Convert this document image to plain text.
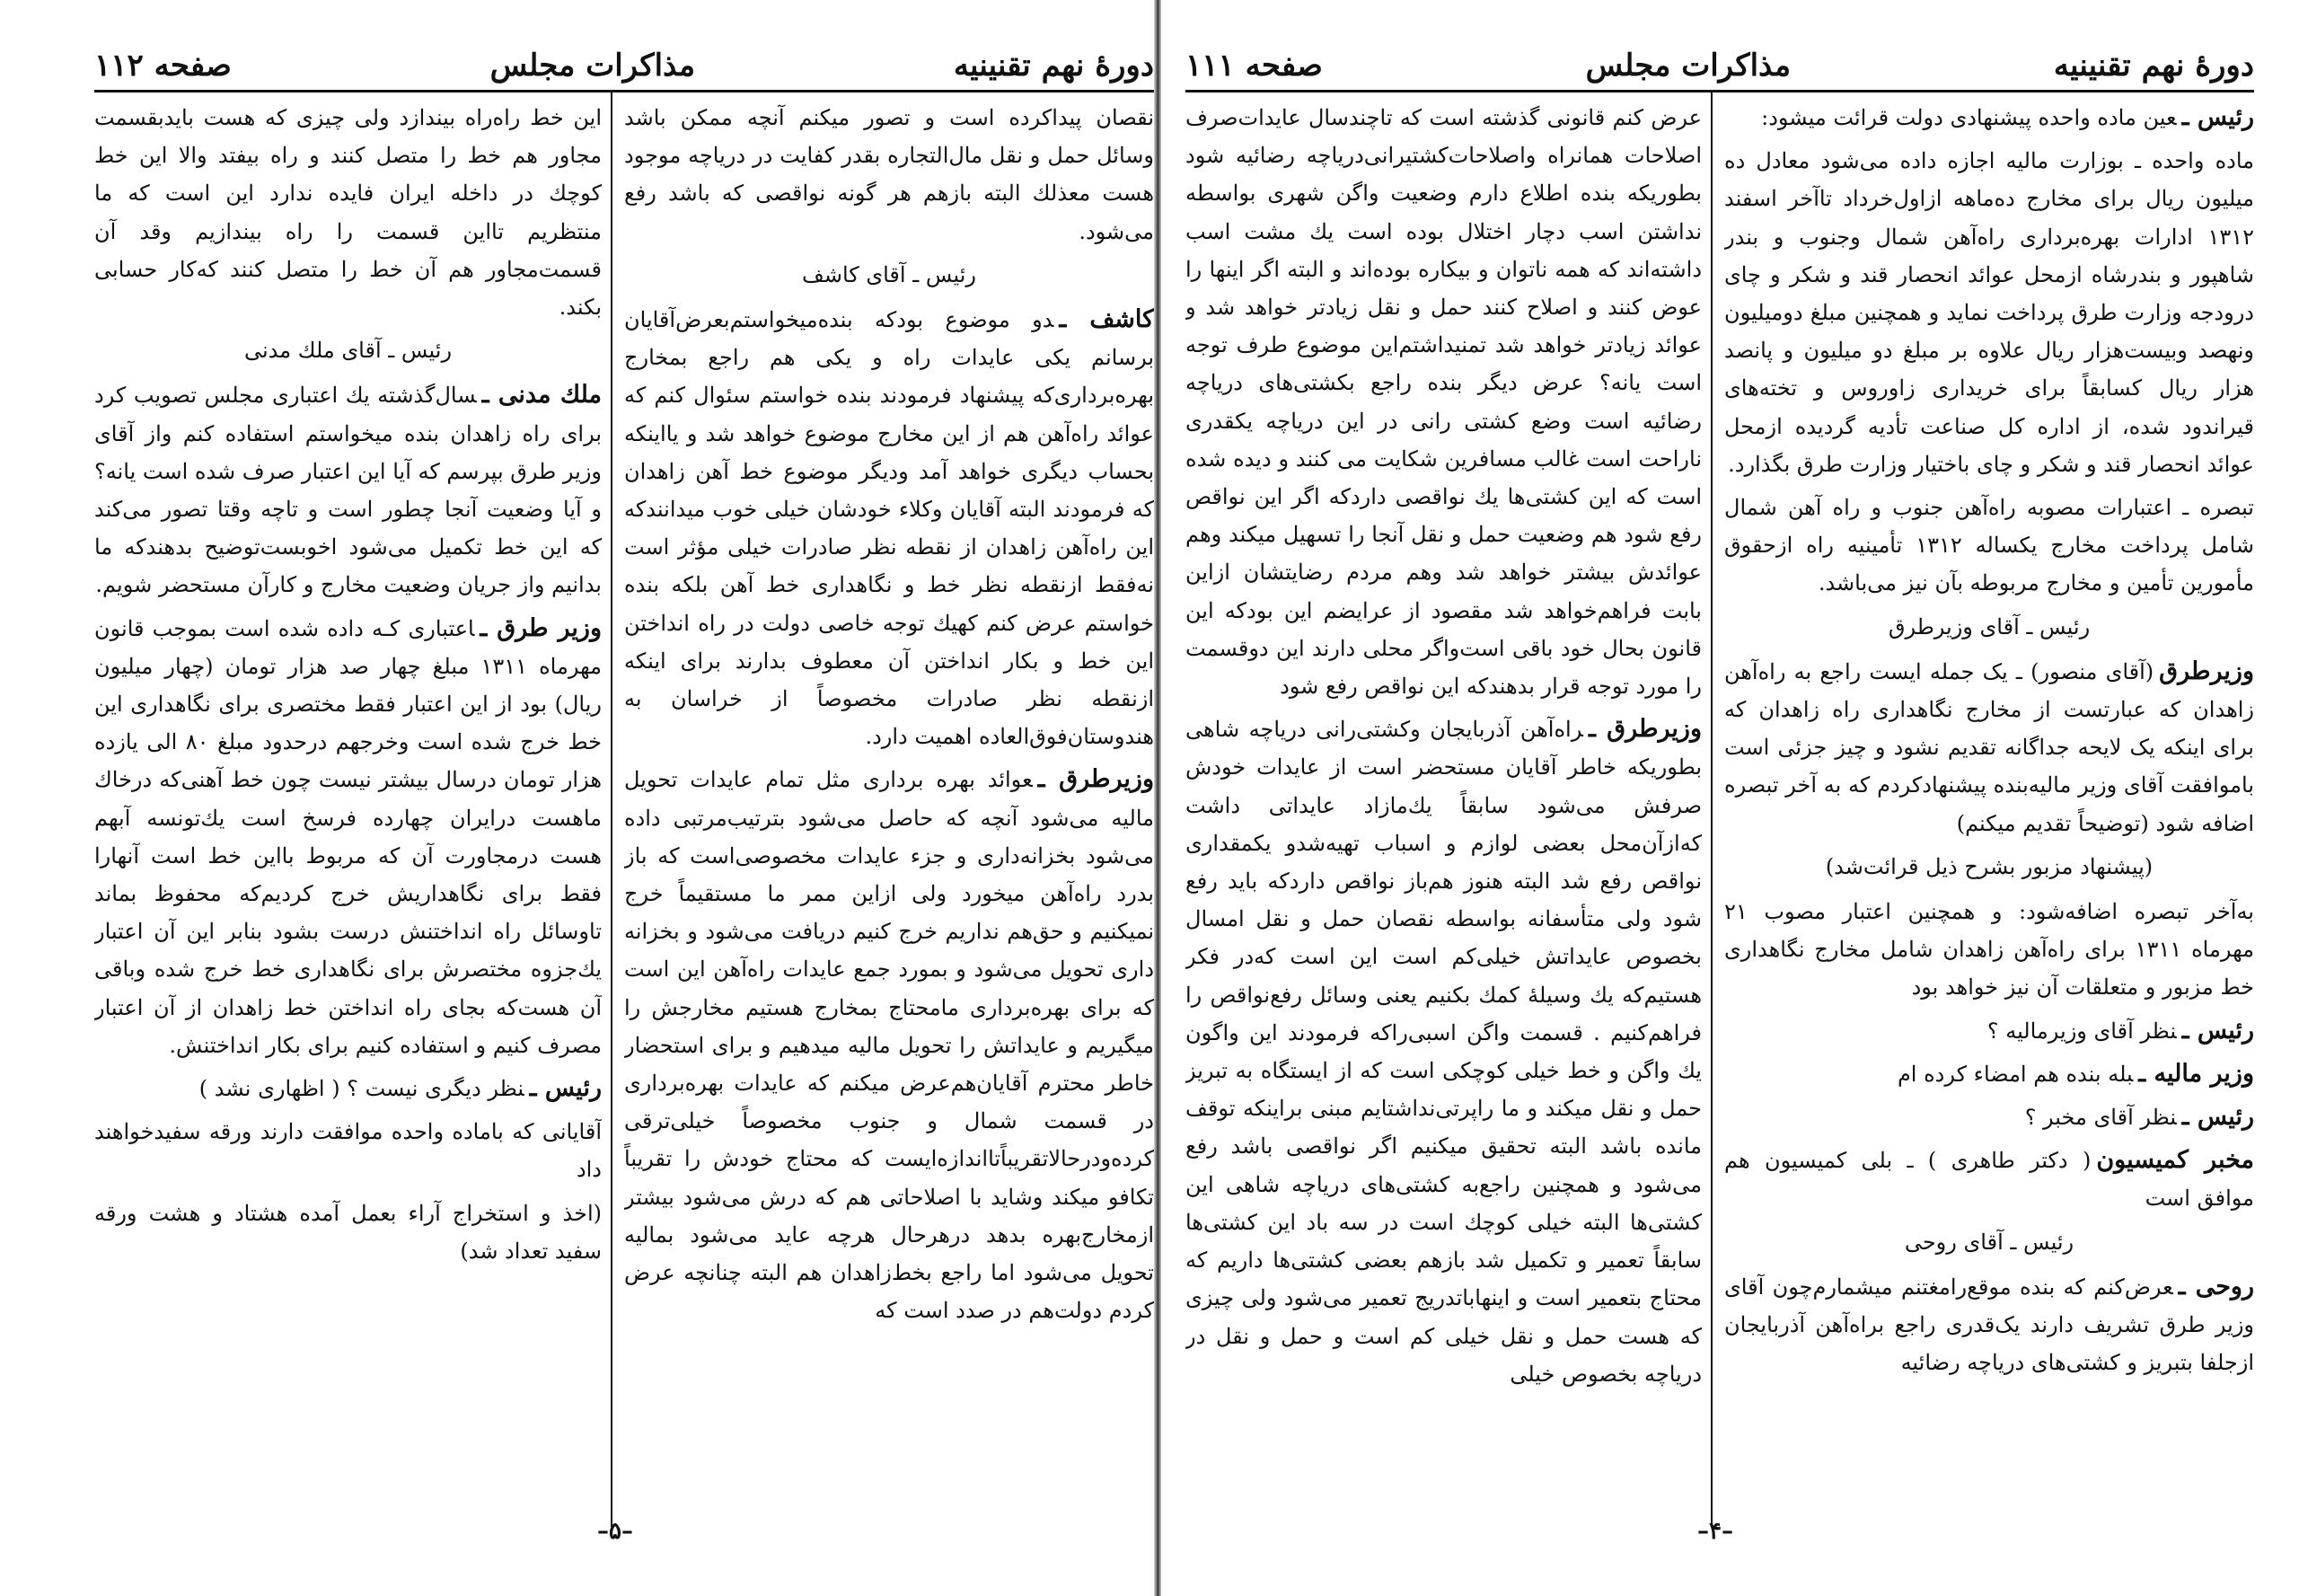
دورهٔ نهم تقنینیه
مذاکرات مجلس
صفحه ۱۱۲

نقصان پیداکرده است و تصور میکنم آنچه ممکن باشد وسائل حمل و نقل مال‌التجاره بقدر کفایت در دریاچه موجود هست معذلك البته بازهم هر گونه نواقصی که باشد رفع می‌شود.

رئیس ـ آقای کاشف

کاشف ـدو موضوع بودکه بنده‌میخواستم‌بعرض‌آقایان برسانم یکی عایدات راه و یکی هم راجع بمخارج بهره‌برداری‌که پیشنهاد فرمودند بنده خواستم سئوال کنم که عوائد راه‌آهن هم از این مخارج موضوع خواهد شد و یااینکه بحساب دیگری خواهد آمد ودیگر موضوع خط آهن زاهدان که فرمودند البته آقایان وکلاء خودشان خیلی خوب میدانندکه این راه‌آهن زاهدان از نقطه نظر صادرات خیلی مؤثر است نه‌فقط ازنقطه نظر خط و نگاهداری خط آهن بلکه بنده خواستم عرض کنم کهیك توجه خاصی دولت در راه انداختن این خط و بکار انداختن آن معطوف بدارند برای اینکه ازنقطه نظر صادرات مخصوصاً از خراسان به هندوستان‌فوق‌العاده اهمیت دارد.

وزیرطرق ـعوائد بهره برداری مثل تمام عایدات تحویل مالیه می‌شود آنچه که حاصل می‌شود بترتیب‌مرتبی داده می‌شود بخزانه‌داری و جزء عایدات مخصوصی‌است که باز بدرد راه‌آهن میخورد ولی ازاین ممر ما مستقیماً خرج نمیکنیم و حق‌هم نداریم خرج کنیم دریافت می‌شود و بخزانه داری تحویل می‌شود و بمورد جمع عایدات راه‌آهن این است که برای بهره‌برداری ما‌محتاج بمخارج هستیم مخارجش را میگیریم و عایداتش را تحویل مالیه میدهیم و برای استحضار خاطر محترم آقایان‌هم‌عرض میکنم که عایدات بهره‌برداری در قسمت شمال و جنوب مخصوصاً خیلی‌ترقی کرده‌ودر‌حالا‌تقریباً‌تا‌اندازه‌ایست که محتاج خودش را تقریباً تکافو میکند وشاید با اصلاحاتی هم که درش می‌شود بیشتر ازمخارج‌بهره بدهد درهرحال هرچه عاید می‌شود بمالیه تحویل می‌شود اما راجع بخط‌زاهدان هم البته چنانچه عرض کردم دولت‌هم در صدد است که

این خط راه‌راه بیندازد ولی چیزی که هست بایدبقسمت مجاور هم خط را متصل کنند و راه بیفتد والا این خط کوچك در داخله ایران فایده ندارد این است که ما منتظریم تااین قسمت را راه بیندازیم وقد آن قسمت‌مجاور هم آن خط را متصل کنند که‌کار حسابی بکند.

رئیس ـ آقای ملك مدنی

ملك مدنی ـسال‌گذشته یك اعتباری مجلس تصویب کرد برای راه زاهدان بنده میخواستم استفاده کنم واز آقای وزیر طرق بپرسم که آیا این اعتبار صرف شده است یانه؟ و آیا وضعیت آنجا چطور است و تاچه وقتا تصور می‌کند که این خط تکمیل می‌شود اخوبست‌توضیح بدهندکه ما بدانیم واز جریان وضعیت مخارج و کارآن مستحضر شویم.

وزیر طرق ـاعتباری کـه داده شده است بموجب قانون مهرماه ۱۳۱۱ مبلغ چهار صد هزار تومان (چهار میلیون ریال) بود از این اعتبار فقط مختصری برای نگاهداری این خط خرج شده است وخرجهم درحدود مبلغ ۸۰ الی یازده هزار تومان درسال بیشتر نیست چون خط آهنی‌که درخاك ماهست درایران چهارده فرسخ است یك‌تونسه آبهم هست درمجاورت آن که مربوط بااین خط است آنهارا فقط برای نگاهداریش خرج کردیم‌که محفوظ بماند تاوسائل راه انداختنش درست بشود بنابر این آن اعتبار یك‌جزوه مختصرش برای نگاهداری خط خرج شده وباقی آن هست‌که بجای راه انداختن خط زاهدان از آن اعتبار مصرف کنیم و استفاده کنیم برای بکار انداختنش.

رئیس ـنظر دیگری نیست ؟ ( اظهاری نشد )

آقایانی که باماده واحده موافقت دارند ورقه سفیدخواهند داد

(اخذ و استخراج آراء بعمل آمده هشتاد و هشت ورقه سفید تعداد شد)

–۵–
دورهٔ نهم تقنینیه
مذاکرات مجلس
صفحه ۱۱۱

رئیس ـعین ماده واحده پیشنهادی دولت قرائت میشود:

ماده واحده ـ بوزارت مالیه اجازه داده می‌شود معادل ده میلیون ریال برای مخارج ده‌ماهه ازاول‌خرداد تاآخر اسفند ۱۳۱۲ ادارات بهره‌برداری راه‌آهن شمال وجنوب و بندر شاهپور و بندرشاه ازمحل عوائد انحصار قند و شکر و چای درودجه وزارت طرق پرداخت نماید و همچنین مبلغ دومیلیون ونهصد وبیست‌هزار ریال علاوه بر مبلغ دو میلیون و پانصد هزار ریال کسابقاً برای خریداری زاوروس و تخته‌های قیراندود شده، از اداره کل صناعت تأدیه گردیده ازمحل عوائد انحصار قند و شکر و چای باختیار وزارت طرق بگذارد.

تبصره ـ اعتبارات مصوبه راه‌آهن جنوب و راه آهن شمال شامل پرداخت مخارج یکساله ۱۳۱۲ تأمینیه راه ازحقوق مأمورین تأمین و مخارج مربوطه بآن نیز می‌باشد.

رئیس ـ آقای وزیرطرق

وزیرطرق(آقای منصور) ـ یک جمله ایست راجع به راه‌آهن زاهدان که عبارتست از مخارج نگاهداری راه زاهدان که برای اینکه یک لایحه جداگانه تقدیم نشود و چیز جزئی است باموافقت آقای وزیر مالیه‌بنده پیشنهادکردم که به آخر تبصره اضافه شود (توضیحاً تقدیم میکنم)

(پیشنهاد مزبور بشرح ذیل قرائت‌شد)

به‌آخر تبصره اضافه‌شود: و همچنین اعتبار مصوب ۲۱ مهرماه ۱۳۱۱ برای راه‌آهن زاهدان شامل مخارج نگاهداری خط مزبور و متعلقات آن نیز خواهد بود

رئیس ـنظر آقای وزیرمالیه ؟

وزیر مالیه ـبله بنده هم امضاء کرده ام

رئیس ـنظر آقای مخبر ؟

مخبر کمیسیون( دکتر طاهری ) ـ بلی کمیسیون هم موافق است

رئیس ـ آقای روحی

روحی ـعرض‌کنم که بنده موقع‌رامغتنم میشمارم‌چون آقای وزیر طرق تشریف دارند یک‌قدری راجع براه‌آهن آذربایجان ازجلفا بتبریز و کشتی‌های دریاچه رضائیه

عرض کنم قانونی گذشته است که تاچندسال عایدات‌صرف اصلاحات همانراه واصلاحات‌کشتیرانی‌دریاچه رضائیه شود بطوریکه بنده اطلاع دارم وضعیت واگن شهری بواسطه نداشتن اسب دچار اختلال بوده است یك مشت اسب داشته‌اند که همه ناتوان و بیکاره بوده‌اند و البته اگر اینها را عوض کنند و اصلاح کنند حمل و نقل زیادتر خواهد شد و عوائد زیادتر خواهد شد تمنیداشتم‌این موضوع طرف توجه است یانه؟ عرض دیگر بنده راجع بکشتی‌های دریاچه رضائیه است وضع کشتی رانی در این دریاچه یکقدری ناراحت است غالب مسافرین شکایت می کنند و دیده شده است که این کشتی‌ها یك نواقصی داردکه اگر این نواقص رفع شود هم وضعیت حمل و نقل آنجا را تسهیل میکند وهم عوائدش بیشتر خواهد شد وهم مردم رضایتشان ازاین بابت فراهم‌خواهد شد مقصود از عرایضم این بودکه این قانون بحال خود باقی است‌واگر محلی دارند این دوقسمت را مورد توجه قرار بدهندکه این نواقص رفع شود

وزیرطرق ـراه‌آهن آذربایجان وکشتی‌رانی دریاچه شاهی بطوریکه خاطر آقایان مستحضر است از عایدات خودش صرفش می‌شود سابقاً یك‌مازاد عایداتی داشت که‌ازآن‌محل بعضی لوازم و اسباب تهیه‌شدو یکمقداری نواقص رفع شد البته هنوز هم‌باز نواقص داردکه باید رفع شود ولی متأسفانه بواسطه نقصان حمل و نقل امسال بخصوص عایداتش خیلی‌کم است این است کەدر فکر هستیم‌که یك وسیلهٔ کمك بکنیم یعنی وسائل رفع‌نواقص را فراهم‌کنیم . قسمت واگن اسبی‌راکه فرمودند این واگون یك واگن و خط خیلی کوچکی است که از ایستگاه به تبریز حمل و نقل میکند و ما راپرتی‌نداشتایم مبنی براینکه توقف مانده باشد البته تحقیق میکنیم اگر نواقصی باشد رفع می‌شود و همچنین راجع‌به کشتی‌های دریاچه شاهی این کشتی‌ها البته خیلی کوچك است در سه باد این کشتی‌ها سابقاً تعمیر و تکمیل شد بازهم بعضی کشتی‌ها داریم که محتاج بتعمیر است و اینهاباتدریج تعمیر می‌شود ولی چیزی که هست حمل و نقل خیلی کم است و حمل و نقل در دریاچه بخصوص خیلی

–۴–
